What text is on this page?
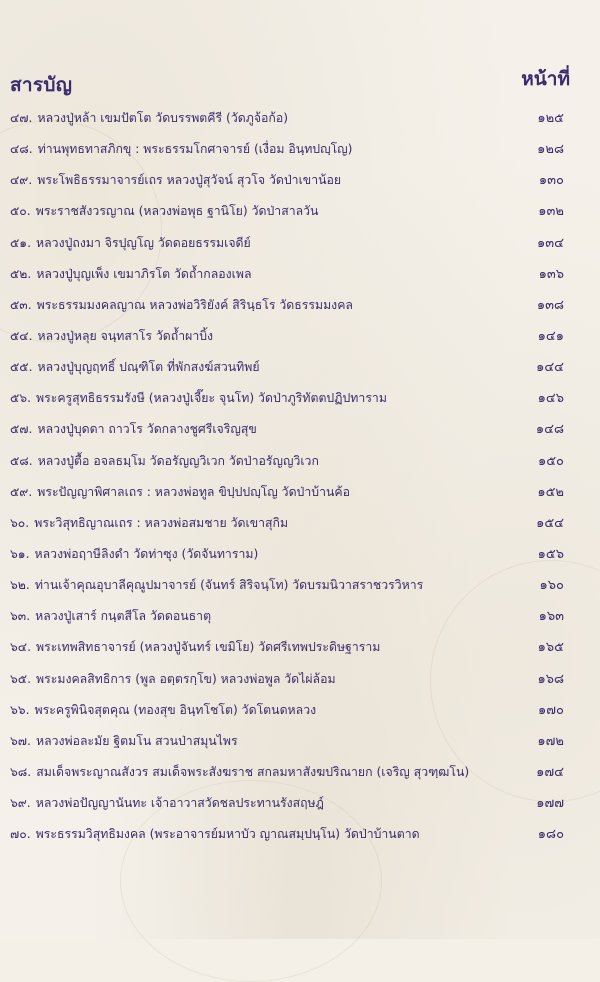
สารบัญ	หน้าที่
๔๗. หลวงปู่หล้า เขมปัตโต วัดบรรพตคีรี (วัดภูจ้อก้อ)	๑๒๕
๔๘. ท่านพุทธทาสภิกขุ : พระธรรมโกศาจารย์ (เงื่อม อินฺทปญฺโญ)	๑๒๘
๔๙. พระโพธิธรรมาจารย์เถร หลวงปู่สุวัจน์ สุวโจ วัดป่าเขาน้อย	๑๓๐
๕๐. พระราชสังวรญาณ (หลวงพ่อพุธ ฐานิโย) วัดป่าสาลวัน	๑๓๒
๕๑. หลวงปู่ถงมา จิรปุญโญ วัดดอยธรรมเจดีย์	๑๓๔
๕๒. หลวงปู่บุญเพ็ง เขมาภิรโต วัดถ้ำกลองเพล	๑๓๖
๕๓. พระธรรมมงคลญาณ หลวงพ่อวิริยังค์ สิรินฺธโร วัดธรรมมงคล	๑๓๘
๕๔. หลวงปู่หลุย จนฺทสาโร วัดถ้ำผาบิ้ง	๑๔๑
๕๕. หลวงปู่บุญฤทธิ์ ปณฺฑิโต ที่พักสงฆ์สวนทิพย์	๑๔๔
๕๖. พระครูสุทธิธรรมรังษี (หลวงปู่เจี๊ยะ จุนโท) วัดป่าภูริทัตตปฏิปทาราม	๑๔๖
๕๗. หลวงปู่บุดดา ถาวโร วัดกลางชูศรีเจริญสุข	๑๔๘
๕๘. หลวงปู่ตื้อ อจลธมฺโม วัดอรัญญวิเวก วัดป่าอรัญญวิเวก	๑๕๐
๕๙. พระปัญญาพิศาลเถร : หลวงพ่อทูล ขิปฺปปญฺโญ วัดป่าบ้านค้อ	๑๕๒
๖๐. พระวิสุทธิญาณเถร : หลวงพ่อสมชาย วัดเขาสุกิม	๑๕๔
๖๑. หลวงพ่อฤาษีลิงดำ วัดท่าซุง (วัดจันทาราม)	๑๕๖
๖๒. ท่านเจ้าคุณอุบาลีคุณูปมาจารย์ (จันทร์ สิริจนฺโท) วัดบรมนิวาสราชวรวิหาร	๑๖๐
๖๓. หลวงปู่เสาร์ กนฺตสีโล วัดดอนธาตุ	๑๖๓
๖๔. พระเทพสิทธาจารย์ (หลวงปู่จันทร์ เขมิโย) วัดศรีเทพประดิษฐาราม	๑๖๕
๖๕. พระมงคลสิทธิการ (พูล อตฺตรกฺโข) หลวงพ่อพูล วัดไผ่ล้อม	๑๖๘
๖๖. พระครูพินิจสุตคุณ (ทองสุข อินฺทโชโต) วัดโตนดหลวง	๑๗๐
๖๗. หลวงพ่อละมัย ฐิตมโน สวนป่าสมุนไพร	๑๗๒
๖๘. สมเด็จพระญาณสังวร สมเด็จพระสังฆราช สกลมหาสังฆปริณายก (เจริญ สุวฑฺฒโน)	๑๗๔
๖๙. หลวงพ่อปัญญานันทะ เจ้าอาวาสวัดชลประทานรังสฤษฎ์	๑๗๗
๗๐. พระธรรมวิสุทธิมงคล (พระอาจารย์มหาบัว ญาณสมฺปนฺโน) วัดป่าบ้านตาด	๑๘๐
